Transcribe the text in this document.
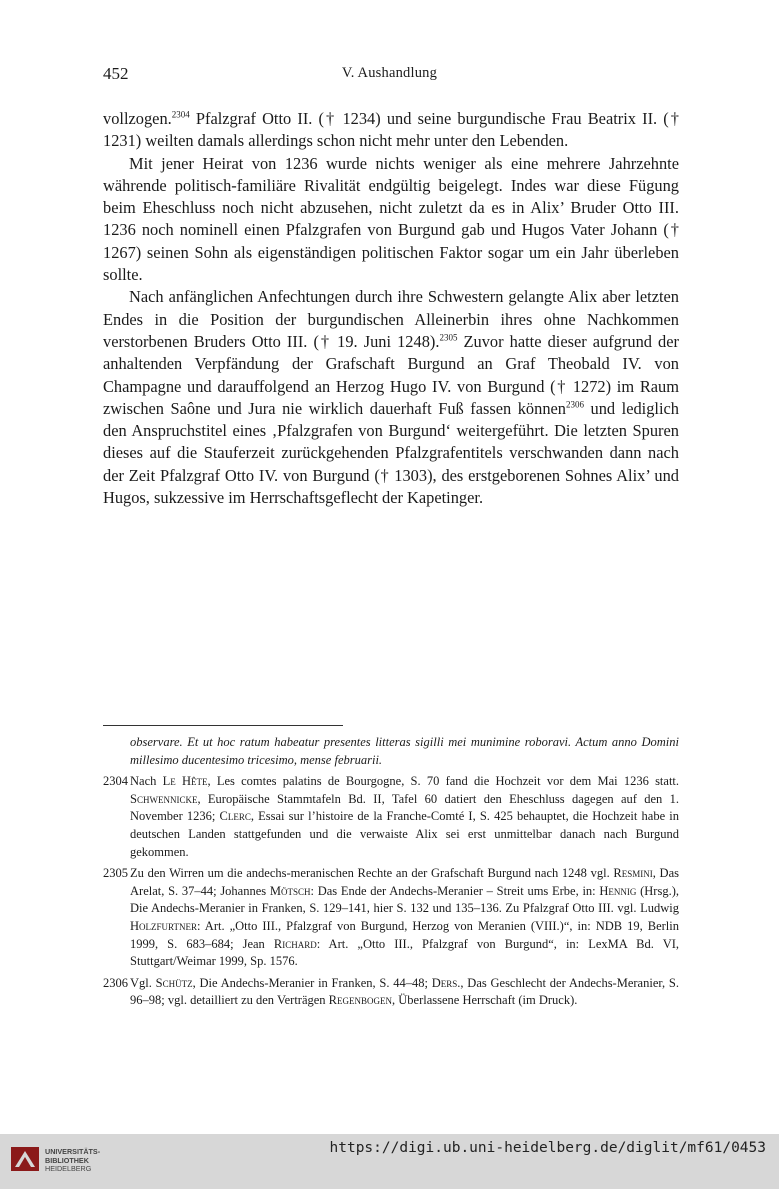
452	V. Aushandlung

vollzogen.$^{2304}$ Pfalzgraf Otto II. († 1234) und seine burgundische Frau Beatrix II. († 1231) weilten damals allerdings schon nicht mehr unter den Lebenden.

Mit jener Heirat von 1236 wurde nichts weniger als eine mehrere Jahrzehnte währende politisch-familiäre Rivalität endgültig beigelegt. Indes war diese Fügung beim Eheschluss noch nicht abzusehen, nicht zuletzt da es in Alix’ Bruder Otto III. 1236 noch nominell einen Pfalzgrafen von Burgund gab und Hugos Vater Johann († 1267) seinen Sohn als eigenständigen politischen Faktor sogar um ein Jahr überleben sollte.

Nach anfänglichen Anfechtungen durch ihre Schwestern gelangte Alix aber letzten Endes in die Position der burgundischen Alleinerbin ihres ohne Nachkommen verstorbenen Bruders Otto III. († 19. Juni 1248).$^{2305}$ Zuvor hatte dieser aufgrund der anhaltenden Verpfändung der Grafschaft Burgund an Graf Theobald IV. von Champagne und darauffolgend an Herzog Hugo IV. von Burgund († 1272) im Raum zwischen Saône und Jura nie wirklich dauerhaft Fuß fassen können$^{2306}$ und lediglich den Anspruchstitel eines ‚Pfalzgrafen von Burgund‘ weitergeführt. Die letzten Spuren dieses auf die Stauferzeit zurückgehenden Pfalzgrafentitels verschwanden dann nach der Zeit Pfalzgraf Otto IV. von Burgund († 1303), des erstgeborenen Sohnes Alix’ und Hugos, sukzessive im Herrschaftsgeflecht der Kapetinger.

observare. Et ut hoc ratum habeatur presentes litteras sigilli mei munimine roboravi. Actum anno Domini millesimo ducentesimo tricesimo, mense februarii.

2304 Nach Le Hête, Les comtes palatins de Bourgogne, S. 70 fand die Hochzeit vor dem Mai 1236 statt. Schwennicke, Europäische Stammtafeln Bd. II, Tafel 60 datiert den Eheschluss dagegen auf den 1. November 1236; Clerc, Essai sur l’histoire de la Franche-Comté I, S. 425 behauptet, die Hochzeit habe in deutschen Landen stattgefunden und die verwaiste Alix sei erst unmittelbar danach nach Burgund gekommen.
2305 Zu den Wirren um die andechs-meranischen Rechte an der Grafschaft Burgund nach 1248 vgl. Resmini, Das Arelat, S. 37–44; Johannes Mötsch: Das Ende der Andechs-Meranier – Streit ums Erbe, in: Hennig (Hrsg.), Die Andechs-Meranier in Franken, S. 129–141, hier S. 132 und 135–136. Zu Pfalzgraf Otto III. vgl. Ludwig Holzfurtner: Art. „Otto III., Pfalzgraf von Burgund, Herzog von Meranien (VIII.)“, in: NDB 19, Berlin 1999, S. 683–684; Jean Richard: Art. „Otto III., Pfalzgraf von Burgund“, in: LexMA Bd. VI, Stuttgart/Weimar 1999, Sp. 1576.
2306 Vgl. Schütz, Die Andechs-Meranier in Franken, S. 44–48; Ders., Das Geschlecht der Andechs-Meranier, S. 96–98; vgl. detailliert zu den Verträgen Regenbogen, Überlassene Herrschaft (im Druck).
UNIVERSITÄTS-
BIBLIOTHEK
HEIDELBERG
https://digi.ub.uni-heidelberg.de/diglit/mf61/0453
